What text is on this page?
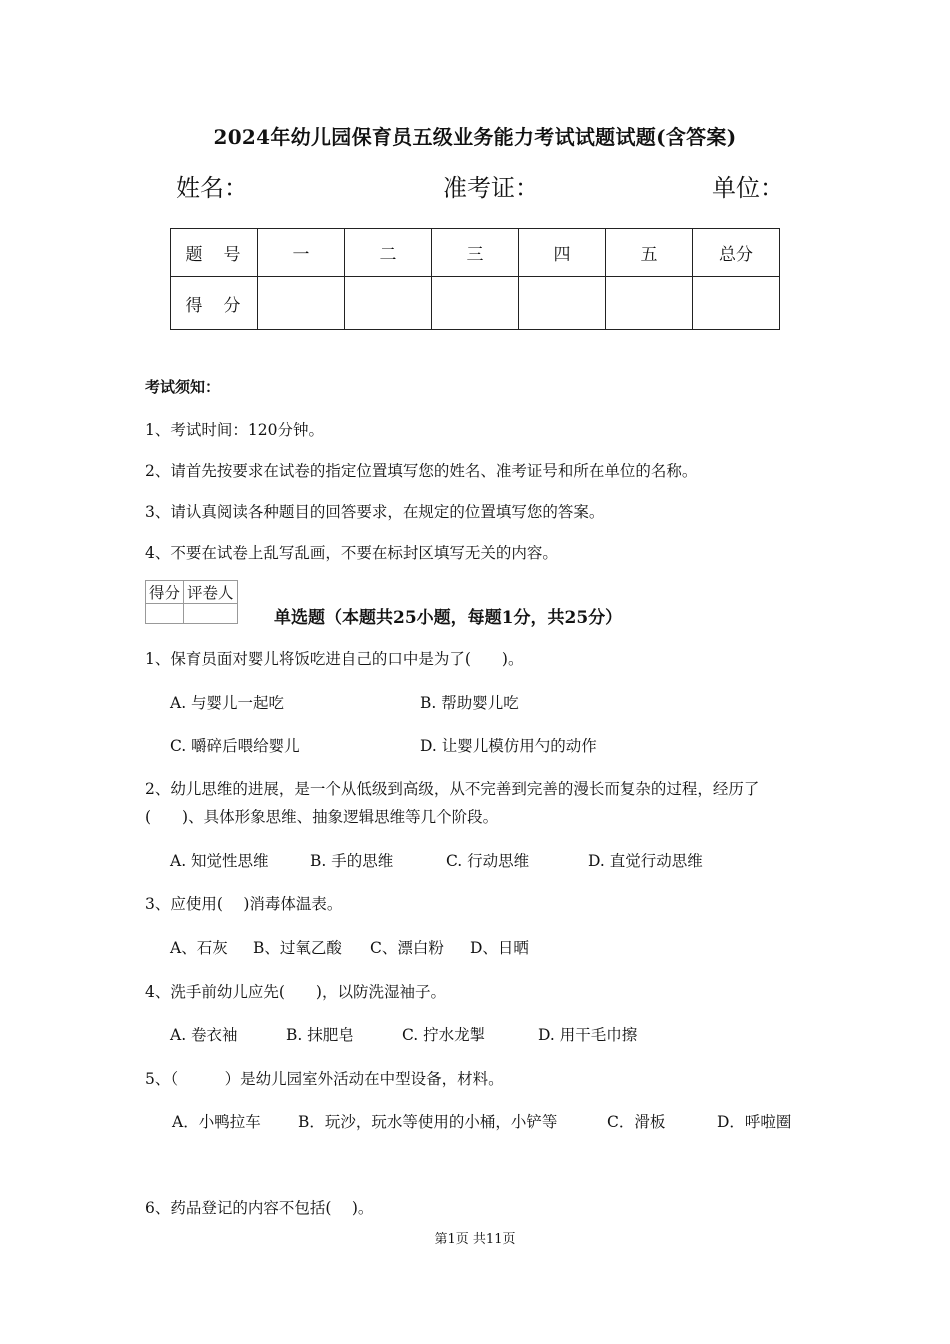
2024年幼儿园保育员五级业务能力考试试题试题(含答案)
姓名：	准考证：	单位：
题　号	一	二	三	四	五	总分
得　分						
考试须知：
1、考试时间：120分钟。
2、请首先按要求在试卷的指定位置填写您的姓名、准考证号和所在单位的名称。
3、请认真阅读各种题目的回答要求，在规定的位置填写您的答案。
4、不要在试卷上乱写乱画，不要在标封区填写无关的内容。
得分	评卷人

单选题（本题共25小题，每题1分，共25分）
1、保育员面对婴儿将饭吃进自己的口中是为了(　　)。
A. 与婴儿一起吃	B. 帮助婴儿吃
C. 嚼碎后喂给婴儿	D. 让婴儿模仿用勺的动作
2、幼儿思维的进展，是一个从低级到高级，从不完善到完善的漫长而复杂的过程，经历了
(　　)、具体形象思维、抽象逻辑思维等几个阶段。
A. 知觉性思维	B. 手的思维	C. 行动思维	D. 直觉行动思维
3、应使用(　 )消毒体温表。
A、石灰 B、过氧乙酸 C、漂白粉 D、日晒
4、洗手前幼儿应先(　　)，以防洗湿袖子。
A. 卷衣袖	B. 抹肥皂	C. 拧水龙掣	D. 用干毛巾擦
5、（　　　）是幼儿园室外活动在中型设备，材料。
A．小鸭拉车 B．玩沙，玩水等使用的小桶，小铲等	C．滑板	D．呼啦圈
6、药品登记的内容不包括(　 )。
第1页 共11页
